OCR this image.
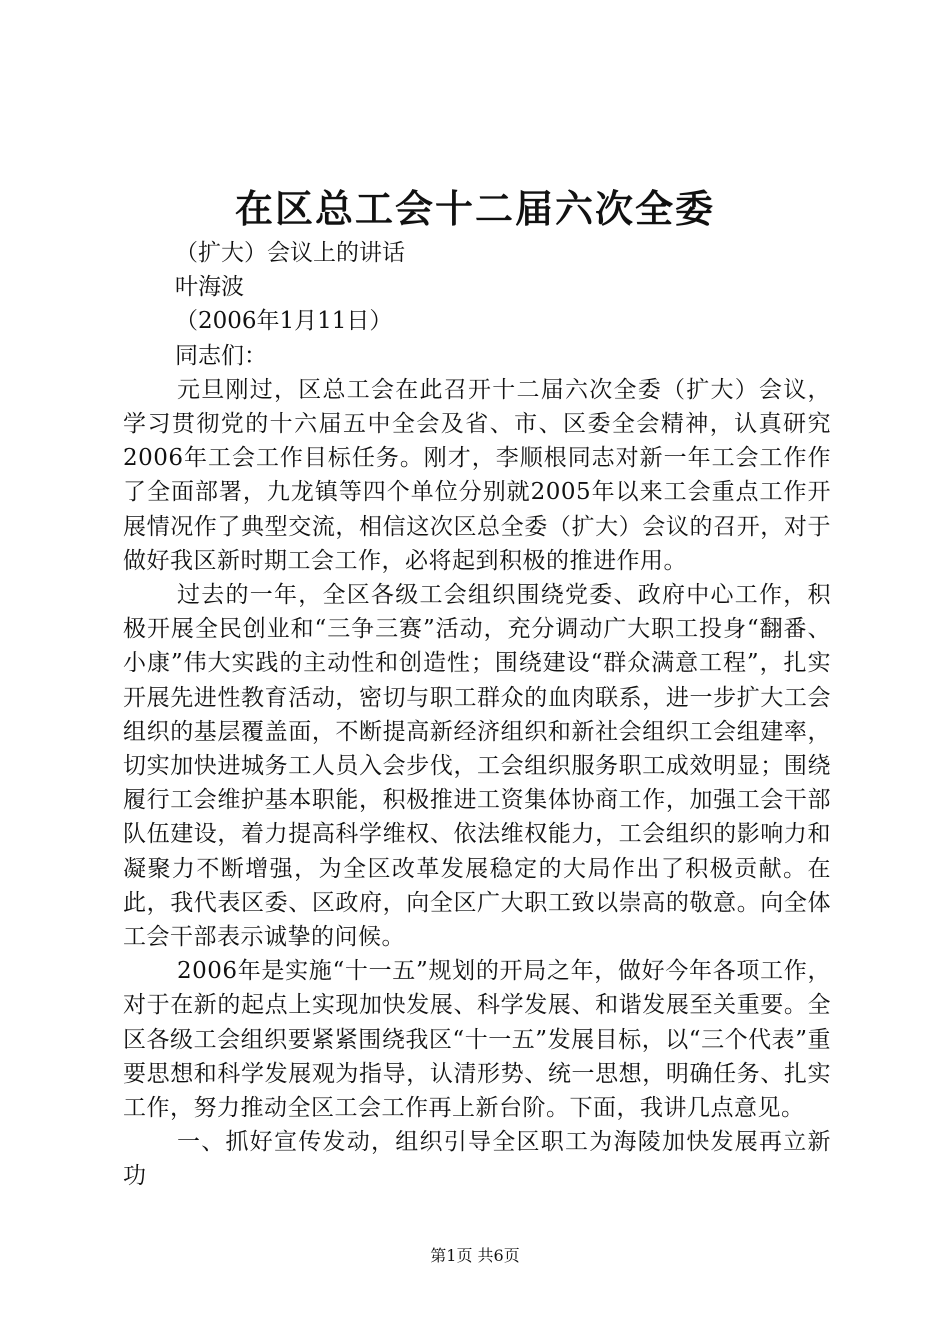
在区总工会十二届六次全委

（扩大）会议上的讲话

叶海波

（2006年1月11日）

同志们：

元旦刚过，区总工会在此召开十二届六次全委（扩大）会议，学习贯彻党的十六届五中全会及省、市、区委全会精神，认真研究2006年工会工作目标任务。刚才，李顺根同志对新一年工会工作作了全面部署，九龙镇等四个单位分别就2005年以来工会重点工作开展情况作了典型交流，相信这次区总全委（扩大）会议的召开，对于做好我区新时期工会工作，必将起到积极的推进作用。

过去的一年，全区各级工会组织围绕党委、政府中心工作，积极开展全民创业和“三争三赛”活动，充分调动广大职工投身“翻番、小康”伟大实践的主动性和创造性；围绕建设“群众满意工程”，扎实开展先进性教育活动，密切与职工群众的血肉联系，进一步扩大工会组织的基层覆盖面，不断提高新经济组织和新社会组织工会组建率，切实加快进城务工人员入会步伐，工会组织服务职工成效明显；围绕履行工会维护基本职能，积极推进工资集体协商工作，加强工会干部队伍建设，着力提高科学维权、依法维权能力，工会组织的影响力和凝聚力不断增强，为全区改革发展稳定的大局作出了积极贡献。在此，我代表区委、区政府，向全区广大职工致以崇高的敬意。向全体工会干部表示诚挚的问候。

2006年是实施“十一五”规划的开局之年，做好今年各项工作，对于在新的起点上实现加快发展、科学发展、和谐发展至关重要。全区各级工会组织要紧紧围绕我区“十一五”发展目标，以“三个代表”重要思想和科学发展观为指导，认清形势、统一思想，明确任务、扎实工作，努力推动全区工会工作再上新台阶。下面，我讲几点意见。

一、抓好宣传发动，组织引导全区职工为海陵加快发展再立新功

第1页 共6页
